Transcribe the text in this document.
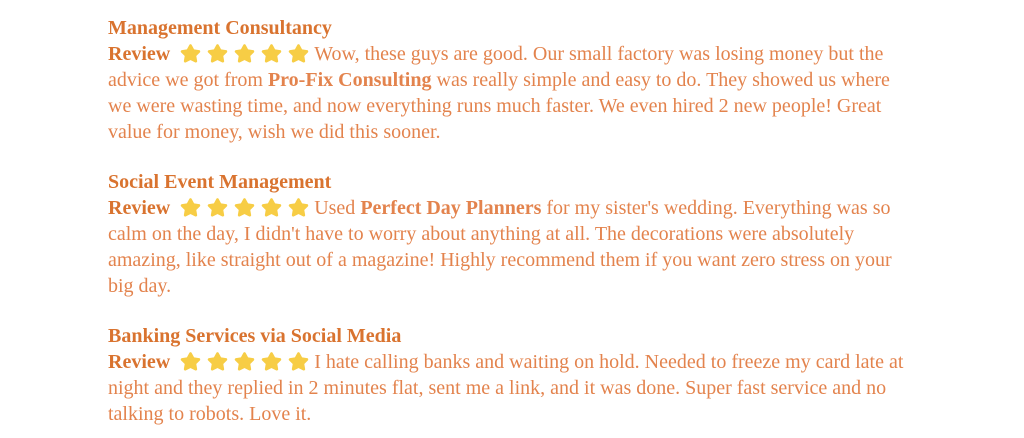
Management Consultancy

Review	Wow, these guys are good. Our small factory was losing money but the advice we got from Pro-Fix Consulting was really simple and easy to do. They showed us where we were wasting time, and now everything runs much faster. We even hired 2 new people! Great value for money, wish we did this sooner.

Social Event Management

Review	Used Perfect Day Planners for my sister's wedding. Everything was so calm on the day, I didn't have to worry about anything at all. The decorations were absolutely amazing, like straight out of a magazine! Highly recommend them if you want zero stress on your big day.

Banking Services via Social Media

Review	I hate calling banks and waiting on hold. Needed to freeze my card late at night and they replied in 2 minutes flat, sent me a link, and it was done. Super fast service and no talking to robots. Love it.
